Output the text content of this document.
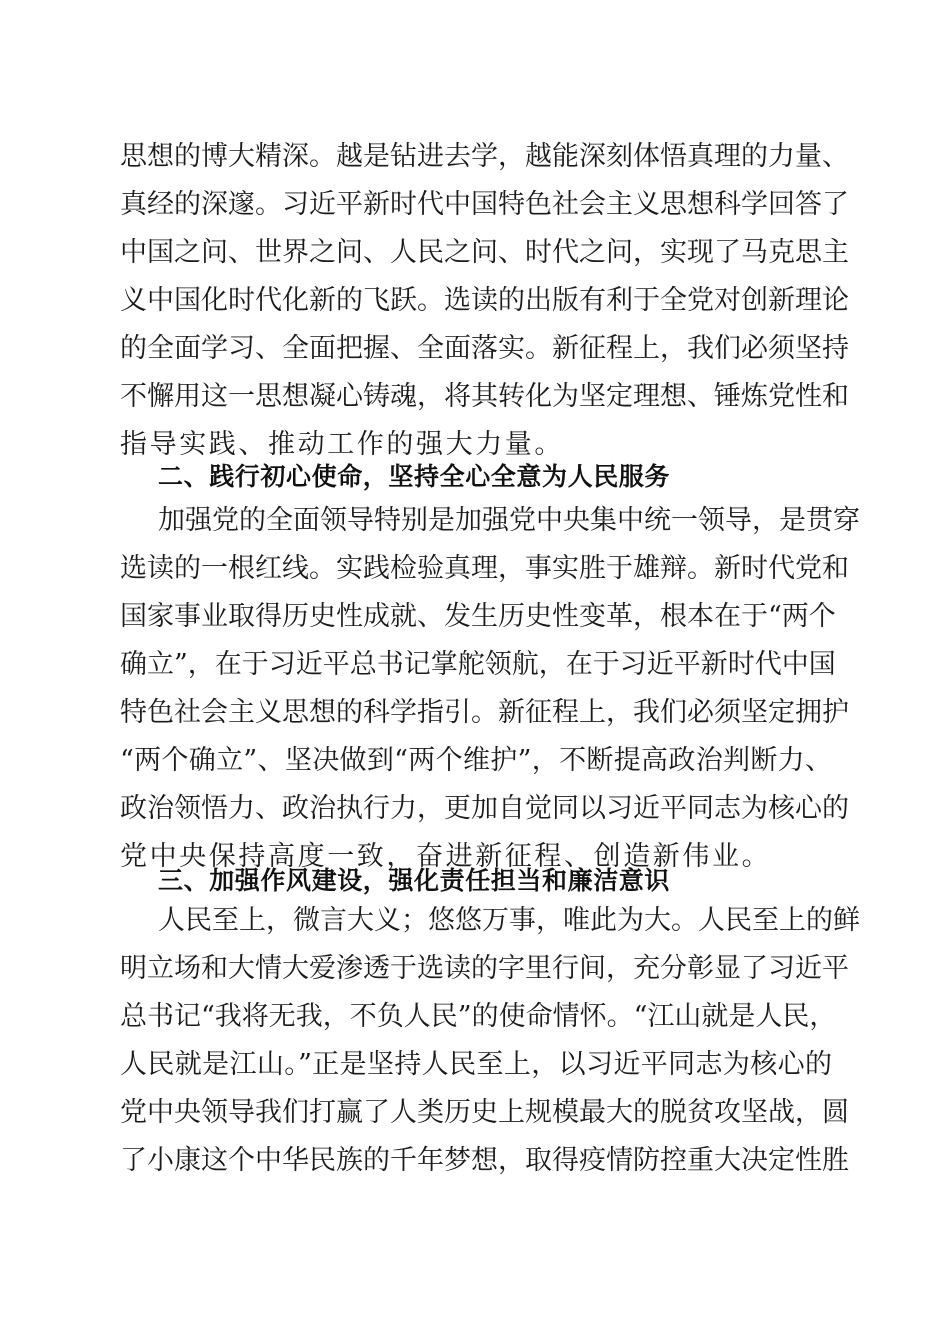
思想的博大精深。越是钻进去学，越能深刻体悟真理的力量、
真经的深邃。习近平新时代中国特色社会主义思想科学回答了
中国之问、世界之问、人民之问、时代之问，实现了马克思主
义中国化时代化新的飞跃。选读的出版有利于全党对创新理论
的全面学习、全面把握、全面落实。新征程上，我们必须坚持
不懈用这一思想凝心铸魂，将其转化为坚定理想、锤炼党性和
指导实践、推动工作的强大力量。
二、践行初心使命，坚持全心全意为人民服务
加强党的全面领导特别是加强党中央集中统一领导，是贯穿
选读的一根红线。实践检验真理，事实胜于雄辩。新时代党和
国家事业取得历史性成就、发生历史性变革，根本在于“两个
确立”，在于习近平总书记掌舵领航，在于习近平新时代中国
特色社会主义思想的科学指引。新征程上，我们必须坚定拥护
“两个确立”、坚决做到“两个维护”，不断提高政治判断力、
政治领悟力、政治执行力，更加自觉同以习近平同志为核心的
党中央保持高度一致，奋进新征程、创造新伟业。
三、加强作风建设，强化责任担当和廉洁意识
人民至上，微言大义；悠悠万事，唯此为大。人民至上的鲜
明立场和大情大爱渗透于选读的字里行间，充分彰显了习近平
总书记“我将无我，不负人民”的使命情怀。“江山就是人民，
人民就是江山。”正是坚持人民至上，以习近平同志为核心的
党中央领导我们打赢了人类历史上规模最大的脱贫攻坚战，圆
了小康这个中华民族的千年梦想，取得疫情防控重大决定性胜
